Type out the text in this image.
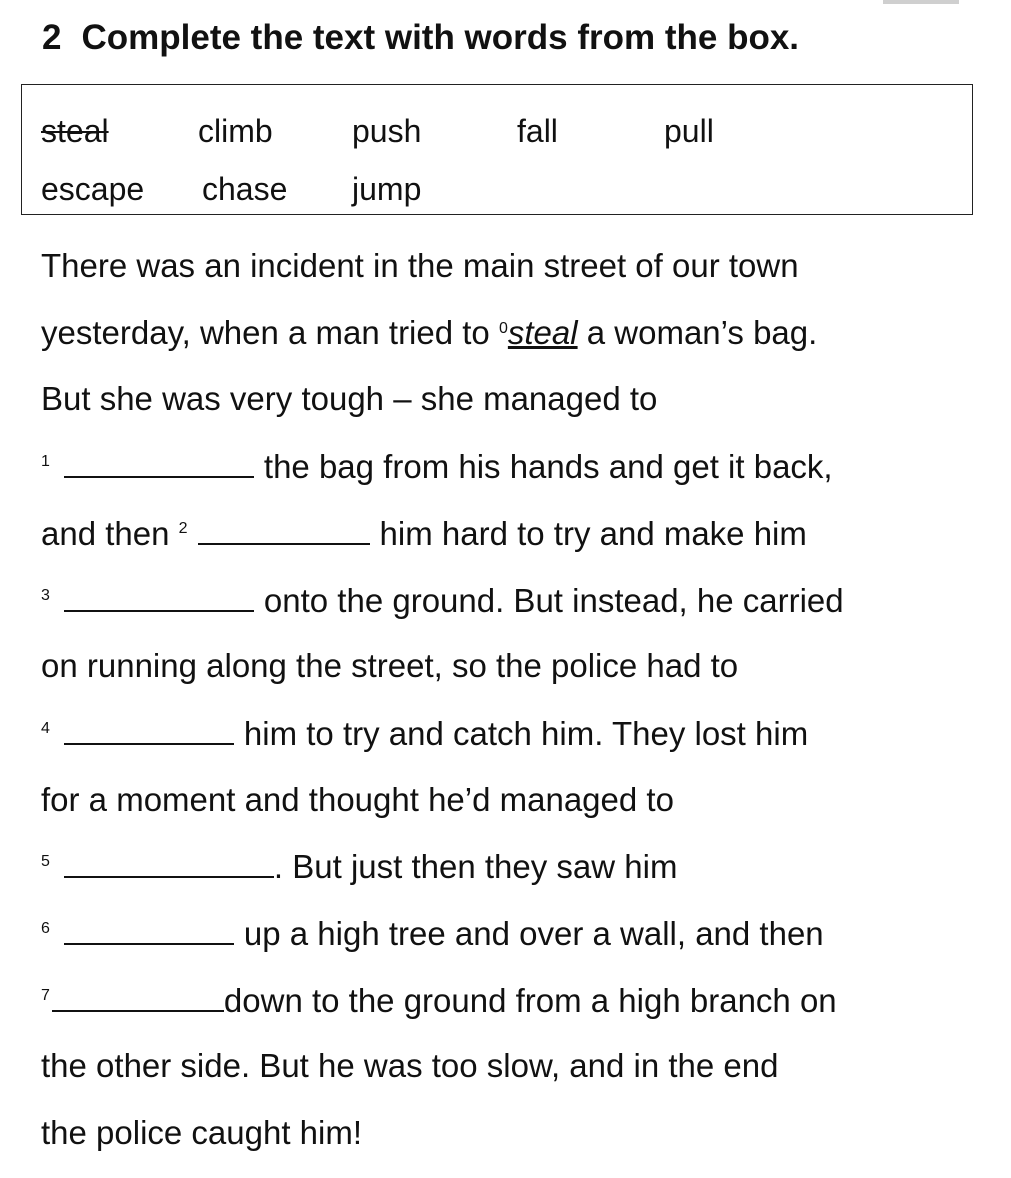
2 Complete the text with words from the box.
steal	climb push	fall	pull
escape chase jump
There was an incident in the main street of our town
yesterday, when a man tried to $^0$steal a woman’s bag.
But she was very tough – she managed to
$^1$	the bag from his hands and get it back,
and then $^2$	him hard to try and make him
$^3$	onto the ground. But instead, he carried
on running along the street, so the police had to
$^4$	him to try and catch him. They lost him
for a moment and thought he’d managed to
$^5$	. But just then they saw him
$^6$	up a high tree and over a wall, and then
$^7$	down to the ground from a high branch on
the other side. But he was too slow, and in the end
the police caught him!
